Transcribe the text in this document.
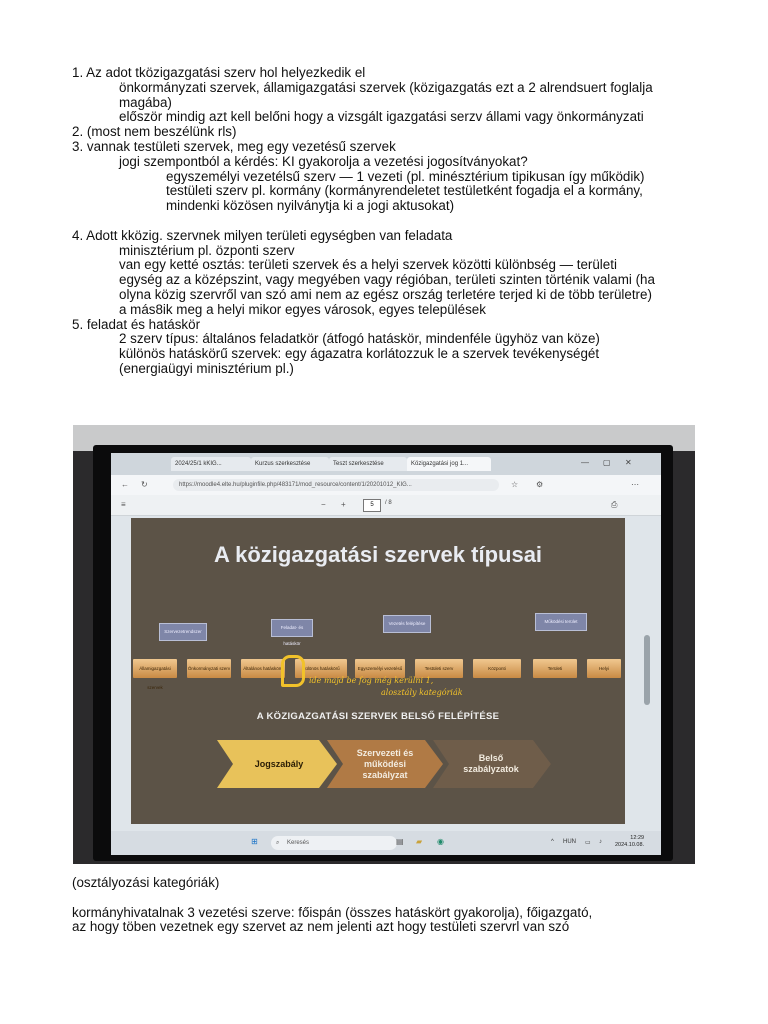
1. Az adot tközigazgatási szerv hol helyezkedik el
önkormányzati szervek, államigazgatási szervek (közigazgatás ezt a 2 alrendsuert foglalja
magába)
először mindig azt kell belőni hogy a vizsgált igazgatási serzv állami vagy önkormányzati
2. (most nem beszélünk rls)
3. vannak testületi szervek, meg egy vezetésű szervek
jogi szempontból a kérdés: KI gyakorolja a vezetési jogosítványokat?
egyszemélyi vezetélsű szerv — 1 vezeti (pl. minésztérium tipikusan így működik)
testületi szerv pl. kormány (kormányrendeletet testületként fogadja el a kormány,
mindenki közösen nyilványtja ki a jogi aktusokat)
4. Adott kközig. szervnek milyen területi egységben van feladata
minisztérium pl. özponti szerv
van egy ketté osztás: területi szervek és a helyi szervek közötti különbség — területi
egység az a középszint, vagy megyében vagy régióban, területi szinten történik valami (ha
olyna közig szervről van szó ami nem az egész ország terletére terjed ki de több területre)
a más8ik meg a helyi mikor egyes városok, egyes települések
5. feladat és hatáskör
2 szerv típus: általános feladatkör (átfogó hatáskör, mindenféle ügyhöz van köze)
különös hatáskörű szervek: egy ágazatra korlátozzuk le a szervek tevékenységét
(energiaügyi minisztérium pl.)
2024/25/1 kKIG...	Kurzus szerkesztése	Teszt szerkesztése	Közigazgatási jog 1...	— ▢ ✕
← ↻	https://moodle4.elte.hu/pluginfile.php/483171/mod_resource/content/1/20201012_KIG...	☆ ⚙	⋯
≡	− +	5	/ 8	⎙
A közigazgatási szervek típusai
Szervezetrendszer
Feladat- és hatáskör
Vezetés felépítése	Működési terület
Államigazgatási szervek
Önkormányzati szerv	Általános hatáskörű	Különös hatáskörű	Egyszemélyi vezetésű	Testületi szerv	Központi	Területi	Helyi
ide majd be fog még kerülni 1,
alosztály kategóriák
A KÖZIGAZGATÁSI SZERVEK BELSŐ FELÉPÍTÉSE
Jogszabály
Szervezeti és
működési
szabályzat
Belső
szabályzatok
⊞	⌕ Keresés	▤ ▰ ◉	^ HUN ▭ ♪
12:29
2024.10.08.
(osztályozási kategóriák)
kormányhivatalnak 3 vezetési szerve: főispán (összes hatáskört gyakorolja), főigazgató,
az hogy töben vezetnek egy szervet az nem jelenti azt hogy testületi szervrl van szó
